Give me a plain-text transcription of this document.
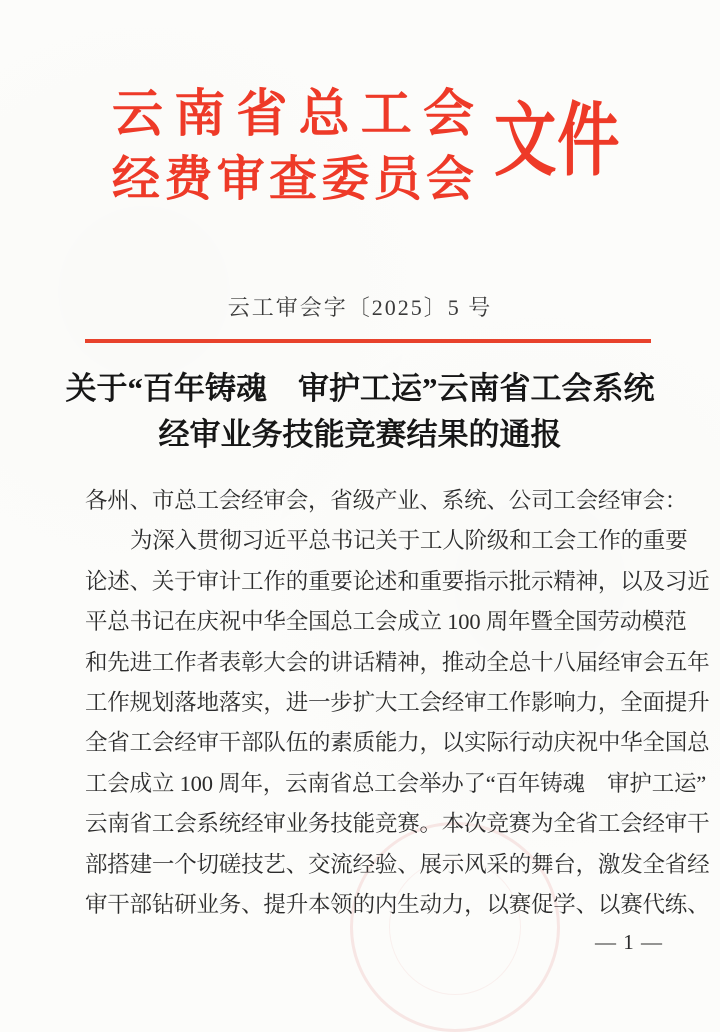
云南省总工会
经费审查委员会 文件
云工审会字〔2025〕5 号
关于“百年铸魂　审护工运”云南省工会系统
经审业务技能竞赛结果的通报
各州、市总工会经审会，省级产业、系统、公司工会经审会：
为深入贯彻习近平总书记关于工人阶级和工会工作的重要
论述、关于审计工作的重要论述和重要指示批示精神，以及习近
平总书记在庆祝中华全国总工会成立 100 周年暨全国劳动模范
和先进工作者表彰大会的讲话精神，推动全总十八届经审会五年
工作规划落地落实，进一步扩大工会经审工作影响力，全面提升
全省工会经审干部队伍的素质能力，以实际行动庆祝中华全国总
工会成立 100 周年，云南省总工会举办了“百年铸魂　审护工运”
云南省工会系统经审业务技能竞赛。本次竞赛为全省工会经审干
部搭建一个切磋技艺、交流经验、展示风采的舞台，激发全省经
审干部钻研业务、提升本领的内生动力，以赛促学、以赛代练、
— 1 —
